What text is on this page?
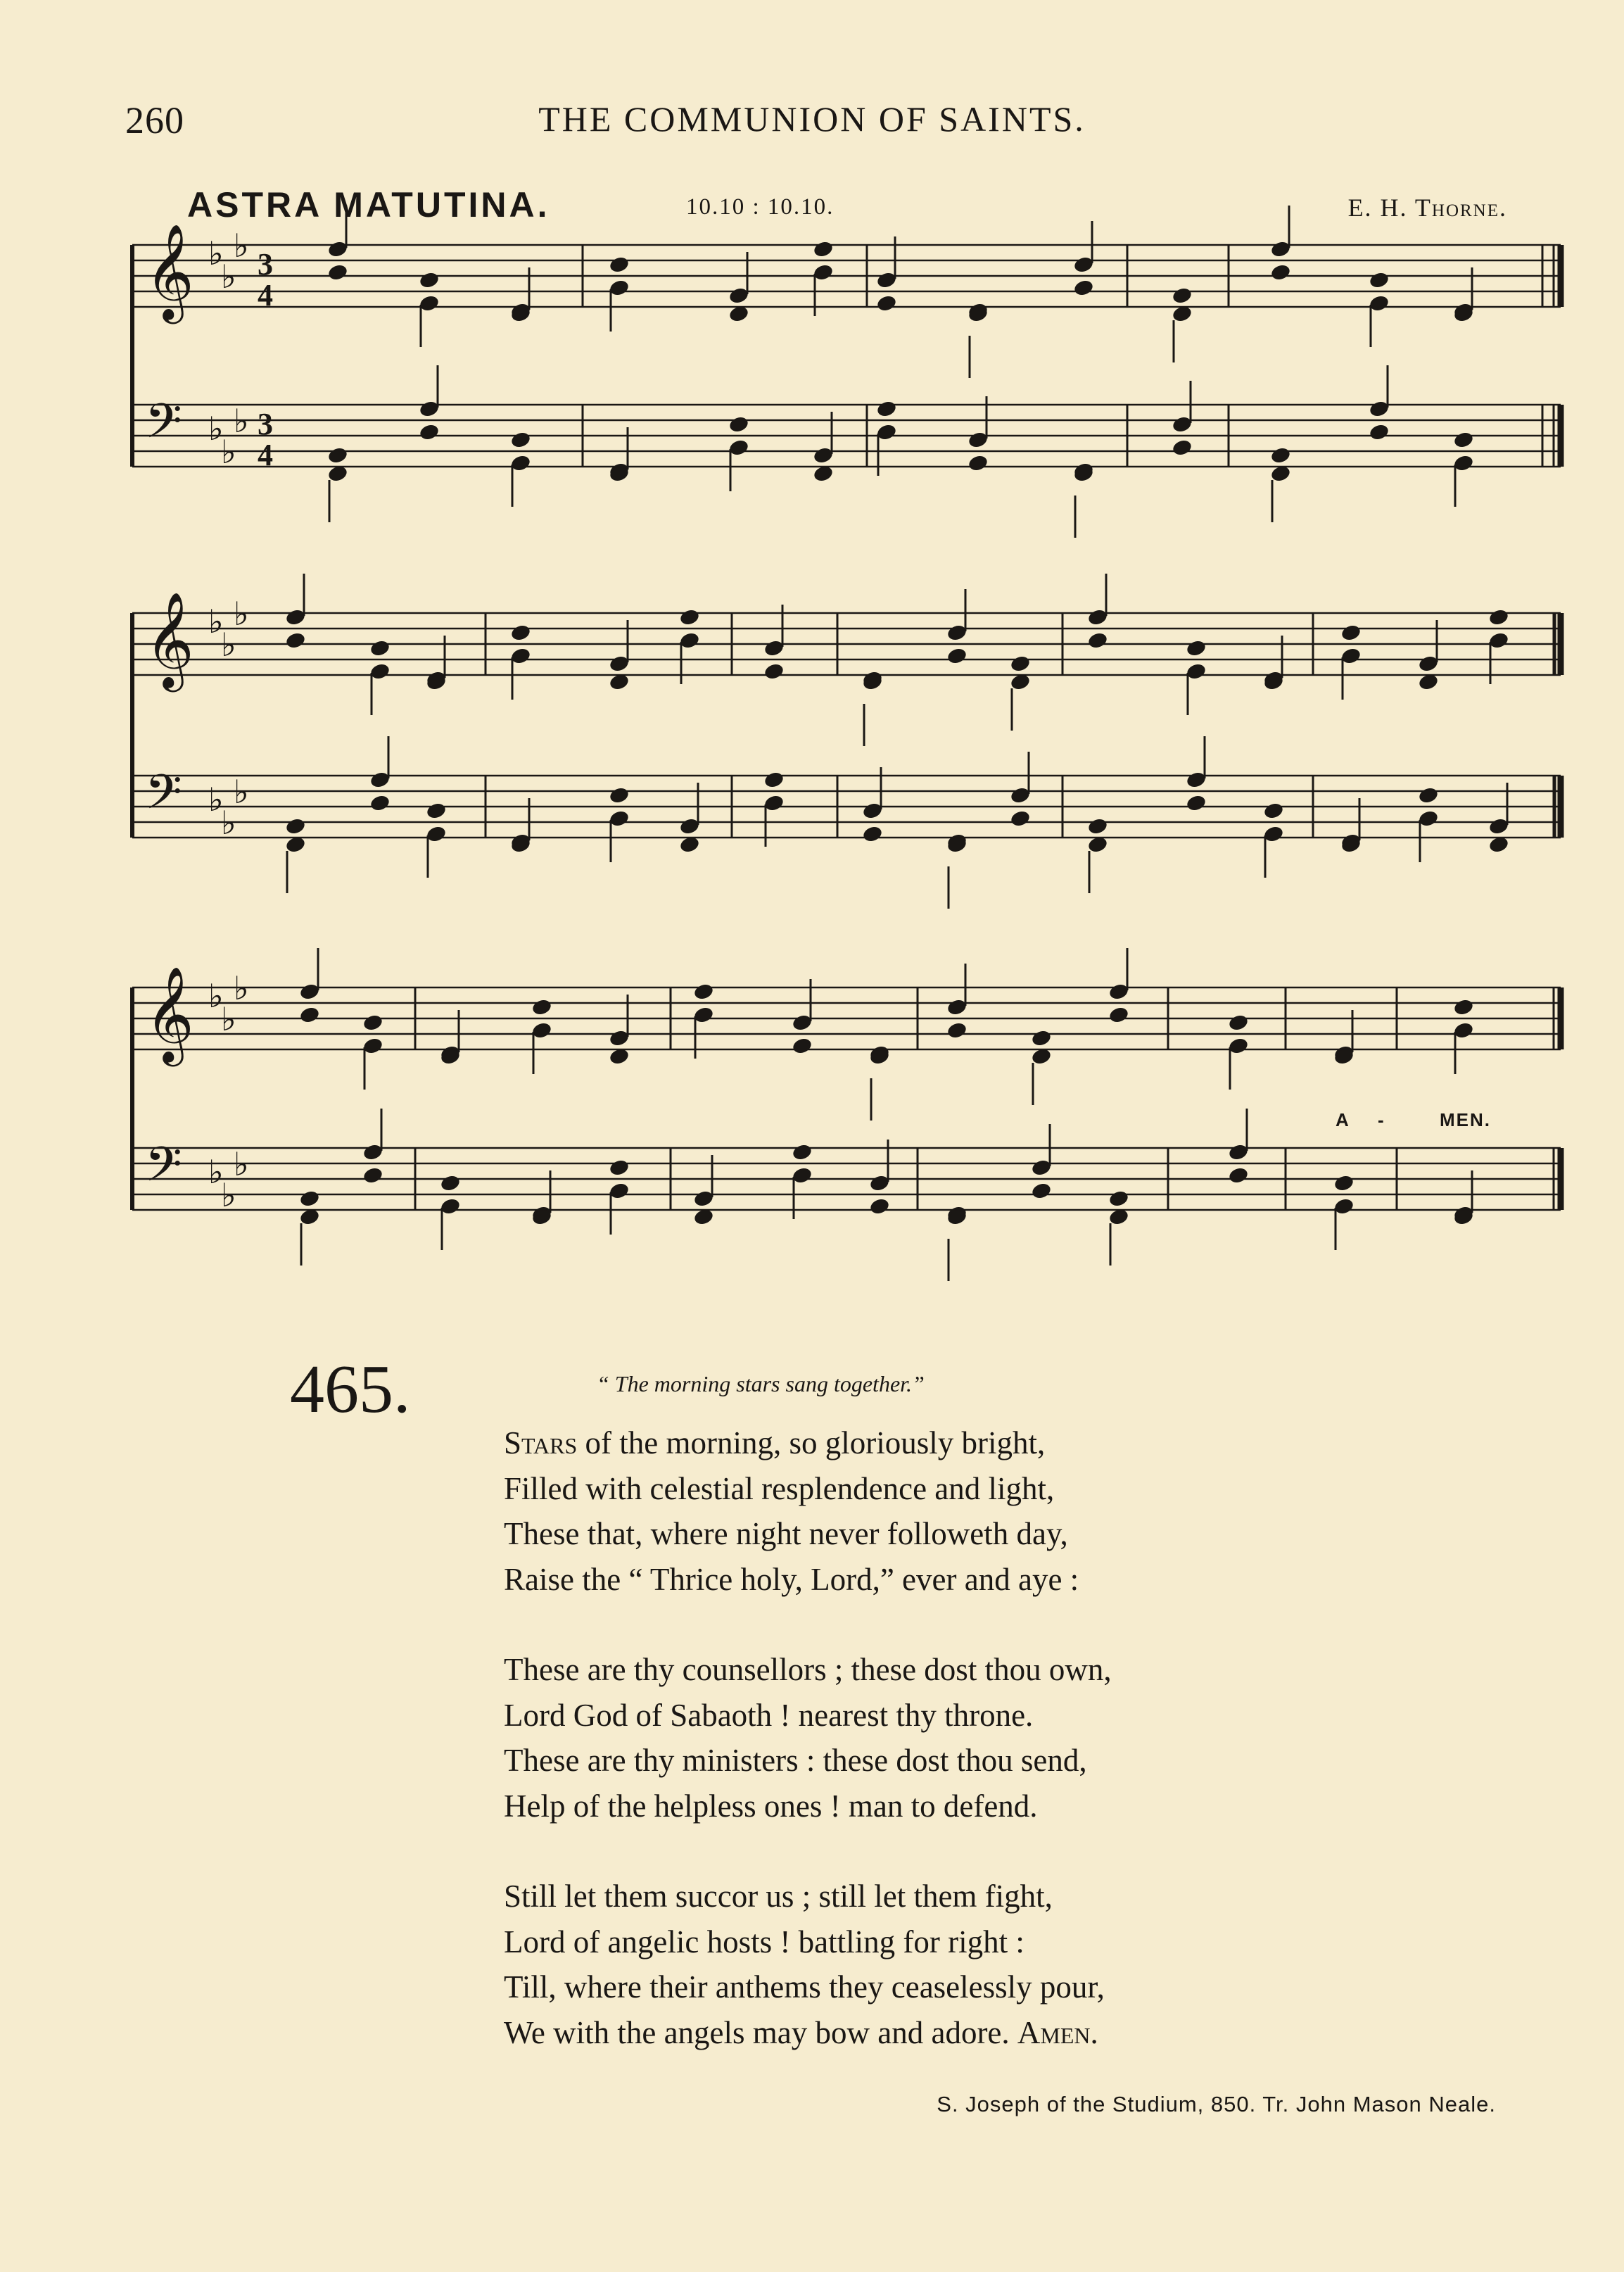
260	THE COMMUNION OF SAINTS.
ASTRA MATUTINA.	10.10 : 10.10.	E. H. Thorne.
𝄞 ♭
♭
♭ 3
4
𝄢 ♭
♭
♭ 3
4
𝄞 ♭
♭
♭
𝄢 ♭
♭
♭
𝄞 ♭
♭
♭
𝄢 ♭
♭
♭
A -	MEN.
465.	“ The morning stars sang together.”
Stars of the morning, so gloriously bright,
Filled with celestial resplendence and light,
These that, where night never followeth day,
Raise the “ Thrice holy, Lord,” ever and aye :
These are thy counsellors ; these dost thou own,
Lord God of Sabaoth ! nearest thy throne.
These are thy ministers : these dost thou send,
Help of the helpless ones ! man to defend.
Still let them succor us ; still let them fight,
Lord of angelic hosts ! battling for right :
Till, where their anthems they ceaselessly pour,
We with the angels may bow and adore. Amen.
S. Joseph of the Studium, 850. Tr. John Mason Neale.
